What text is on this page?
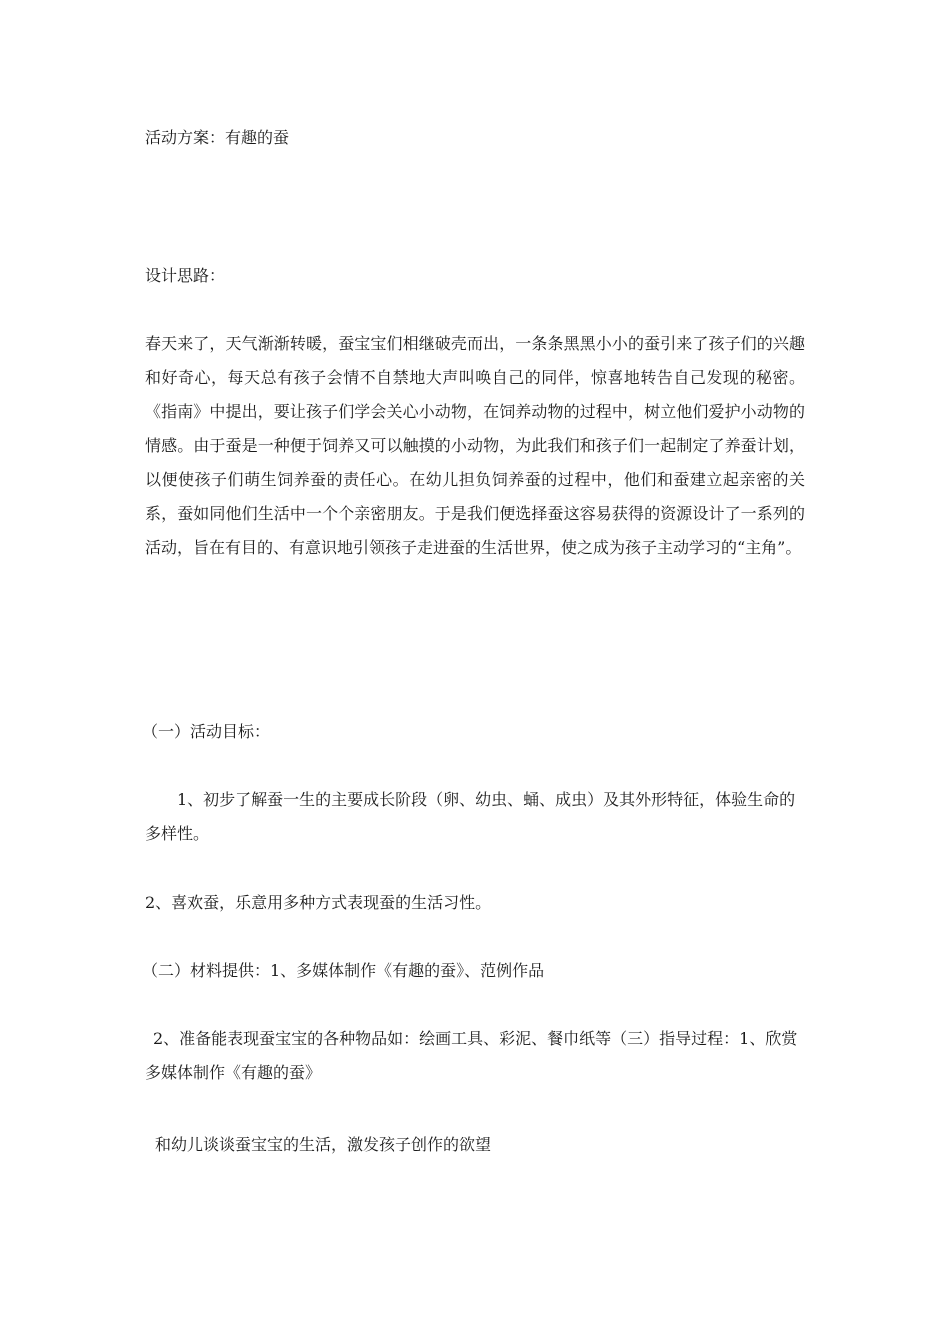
活动方案：有趣的蚕

设计思路：

春天来了，天气渐渐转暖，蚕宝宝们相继破壳而出，一条条黑黑小小的蚕引来了孩子们的兴趣和好奇心，每天总有孩子会情不自禁地大声叫唤自己的同伴，惊喜地转告自己发现的秘密。《指南》中提出，要让孩子们学会关心小动物，在饲养动物的过程中，树立他们爱护小动物的情感。由于蚕是一种便于饲养又可以触摸的小动物，为此我们和孩子们一起制定了养蚕计划，以便使孩子们萌生饲养蚕的责任心。在幼儿担负饲养蚕的过程中，他们和蚕建立起亲密的关系，蚕如同他们生活中一个个亲密朋友。于是我们便选择蚕这容易获得的资源设计了一系列的活动，旨在有目的、有意识地引领孩子走进蚕的生活世界，使之成为孩子主动学习的“主角”。

（一）活动目标：

1、初步了解蚕一生的主要成长阶段（卵、幼虫、蛹、成虫）及其外形特征，体验生命的多样性。

2、喜欢蚕，乐意用多种方式表现蚕的生活习性。

（二）材料提供：1、多媒体制作《有趣的蚕》、范例作品

2、准备能表现蚕宝宝的各种物品如：绘画工具、彩泥、餐巾纸等（三）指导过程：1、欣赏多媒体制作《有趣的蚕》

和幼儿谈谈蚕宝宝的生活，激发孩子创作的欲望
